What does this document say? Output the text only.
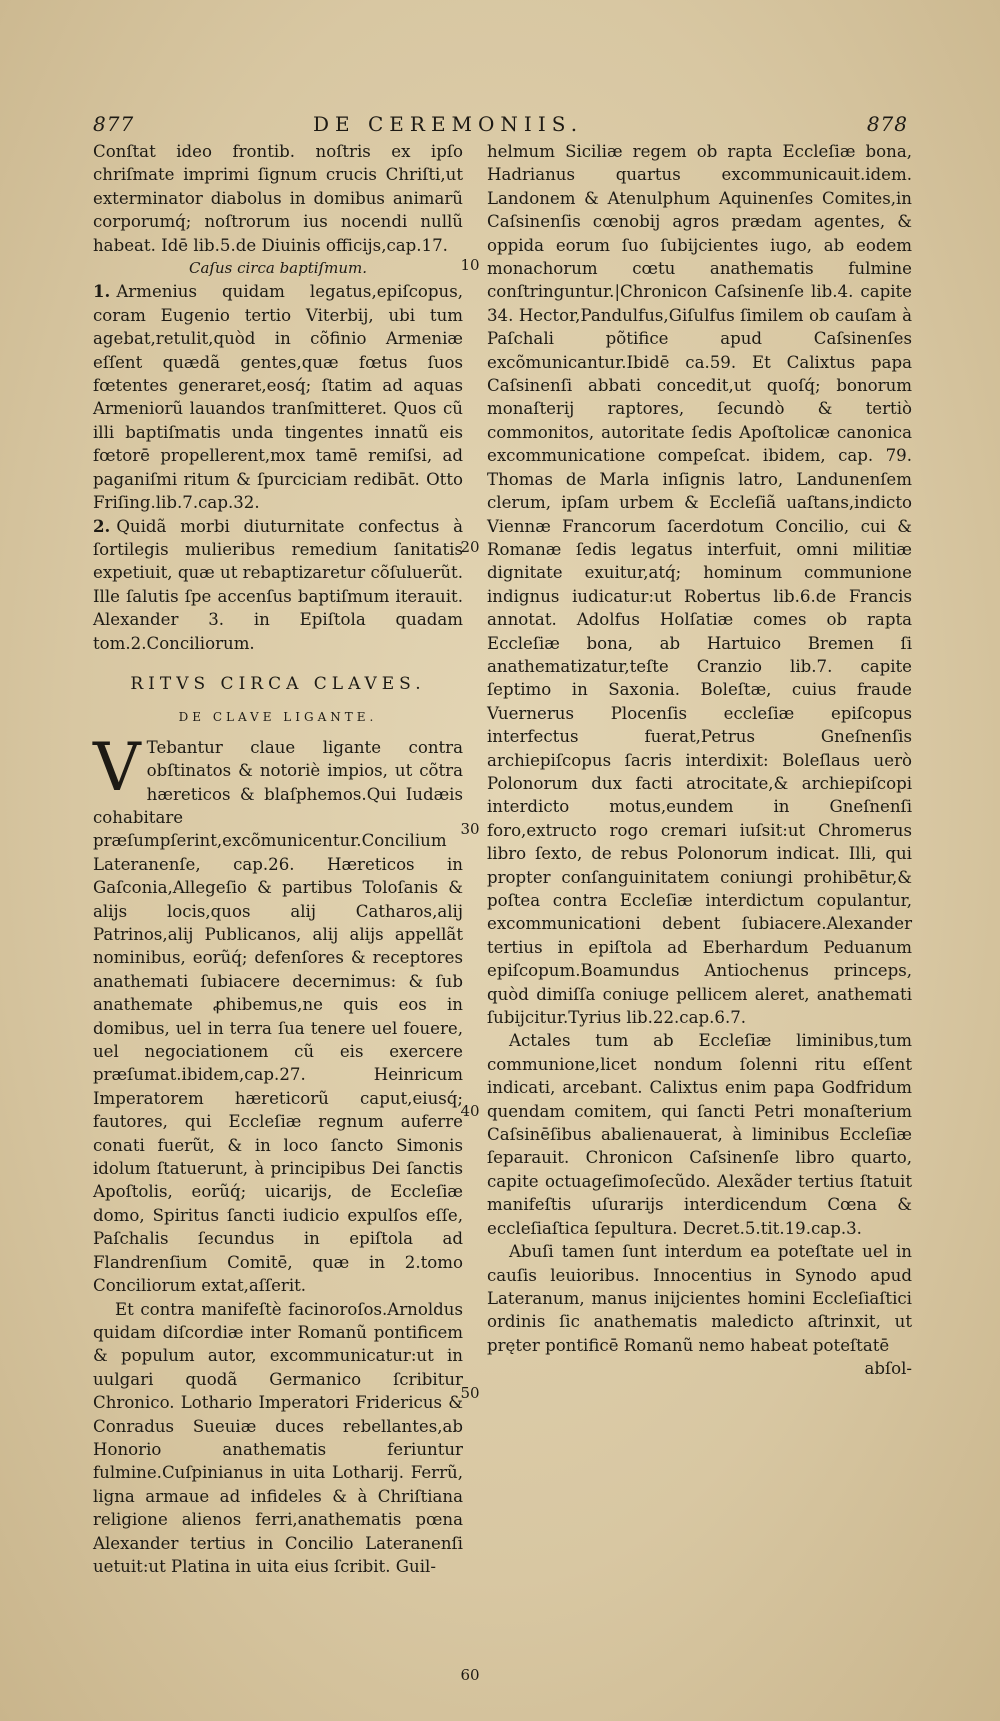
877	DE CEREMONIIS.	878

Conſtat ideo frontib. noſtris ex ipſo chriſmate imprimi ſignum crucis Chriſti,ut exterminator diabolus in domibus animarũ corporumq́; noſtrorum ius nocendi nullũ habeat. Idē lib.5.de Diuinis officijs,cap.17.

Caſus circa baptiſmum.

1. Armenius quidam legatus,epiſcopus, coram Eugenio tertio Viterbij, ubi tum agebat,retulit,quòd in cõfinio Armeniæ eſſent quædã gentes,quæ fœtus ſuos fœtentes generaret,eosq́; ſtatim ad aquas Armeniorũ lauandos tranſmitteret. Quos cũ illi baptiſmatis unda tingentes innatũ eis fœtorē propellerent,mox tamē remiſsi, ad paganiſmi ritum & ſpurciciam redibāt. Otto Friſing.lib.7.cap.32.

2. Quidã morbi diuturnitate confectus à ſortilegis mulieribus remedium ſanitatis expetiuit, quæ ut rebaptizaretur cõſuluerũt. Ille ſalutis ſpe accenſus baptiſmum iterauit. Alexander 3. in Epiſtola quadam tom.2.Conciliorum.

RITVS CIRCA CLAVES.
DE CLAVE LIGANTE.

V Tebantur claue ligante contra obſtinatos & notoriè impios, ut cõtra hæreticos & blaſphemos.Qui Iudæis cohabitare præſumpſerint,excõmunicentur.Concilium Lateranenſe, cap.26. Hæreticos in Gaſconia,Allegeſio & partibus Toloſanis & alijs locis,quos alij Catharos,alij Patrinos,alij Publicanos, alij alijs appellãt nominibus, eorũq́; defenſores & receptores anathemati ſubiacere decernimus: & ſub anathemate ꝓhibemus,ne quis eos in domibus, uel in terra ſua tenere uel fouere, uel negociationem cũ eis exercere præſumat.ibidem,cap.27. Heinricum Imperatorem hæreticorũ caput,eiusq́; fautores, qui Eccleſiæ regnum auferre conati fuerũt, & in loco ſancto Simonis idolum ſtatuerunt, à principibus Dei ſanctis Apoſtolis, eorũq́; uicarijs, de Eccleſiæ domo, Spiritus ſancti iudicio expulſos eſſe, Paſchalis ſecundus in epiſtola ad Flandrenſium Comitē, quæ in 2.tomo Conciliorum extat,aſſerit.

Et contra manifeſtè facinoroſos.Arnoldus quidam diſcordiæ inter Romanũ pontificem & populum autor, excommunicatur:ut in uulgari quodã Germanico ſcribitur Chronico. Lothario Imperatori Fridericus & Conradus Sueuiæ duces rebellantes,ab Honorio anathematis feriuntur fulmine.Cuſpinianus in uita Lotharij. Ferrũ, ligna armaue ad infideles & à Chriſtiana religione alienos ferri,anathematis pœna Alexander tertius in Concilio Lateranenſi uetuit:ut Platina in uita eius ſcribit. Guil-

10
20
30
40
50
60

helmum Siciliæ regem ob rapta Eccleſiæ bona, Hadrianus quartus excommunicauit.idem. Landonem & Atenulphum Aquinenſes Comites,in Caſsinenſis cœnobij agros prædam agentes, & oppida eorum ſuo ſubijcientes iugo, ab eodem monachorum cœtu anathematis fulmine conſtringuntur.|Chronicon Caſsinenſe lib.4. capite 34. Hector,Pandulfus,Giſulfus ſimilem ob cauſam à Paſchali põtifice apud Caſsinenſes excõmunicantur.Ibidē ca.59. Et Calixtus papa Caſsinenſi abbati concedit,ut quoſq́; bonorum monaſterij raptores, ſecundò & tertiò commonitos, autoritate ſedis Apoſtolicæ canonica excommunicatione compeſcat. ibidem, cap. 79. Thomas de Marla inſignis latro, Landunenſem clerum, ipſam urbem & Eccleſiã uaſtans,indicto Viennæ Francorum ſacerdotum Concilio, cui & Romanæ ſedis legatus interfuit, omni militiæ dignitate exuitur,atq́; hominum communione indignus iudicatur:ut Robertus lib.6.de Francis annotat. Adolfus Holſatiæ comes ob rapta Eccleſiæ bona, ab Hartuico Bremen ſi anathematizatur,teſte Cranzio lib.7. capite ſeptimo in Saxonia. Boleſtæ, cuius fraude Vuernerus Plocenſis eccleſiæ epiſcopus interfectus fuerat,Petrus Gneſnenſis archiepiſcopus ſacris interdixit: Boleſlaus uerò Polonorum dux facti atrocitate,& archiepiſcopi interdicto motus,eundem in Gneſnenſi foro,extructo rogo cremari iuſsit:ut Chromerus libro ſexto, de rebus Polonorum indicat. Illi, qui propter conſanguinitatem coniungi prohibētur,& poſtea contra Eccleſiæ interdictum copulantur, excommunicationi debent ſubiacere.Alexander tertius in epiſtola ad Eberhardum Peduanum epiſcopum.Boamundus Antiochenus princeps, quòd dimiſſa coniuge pellicem aleret, anathemati ſubijcitur.Tyrius lib.22.cap.6.7.

Actales tum ab Eccleſiæ liminibus,tum communione,licet nondum ſolenni ritu eſſent indicati, arcebant. Calixtus enim papa Godfridum quendam comitem, qui ſancti Petri monaſterium Caſsinēſibus abalienauerat, à liminibus Eccleſiæ ſeparauit. Chronicon Caſsinenſe libro quarto, capite octuageſimoſecũdo. Alexãder tertius ſtatuit manifeſtis uſurarijs interdicendum Cœna & eccleſiaſtica ſepultura. Decret.5.tit.19.cap.3.

Abuſi tamen ſunt interdum ea poteſtate uel in cauſis leuioribus. Innocentius in Synodo apud Lateranum, manus inijcientes homini Eccleſiaſtici ordinis ſic anathematis maledicto aſtrinxit, ut pręter pontificē Romanũ nemo habeat poteſtatē

abſol-
